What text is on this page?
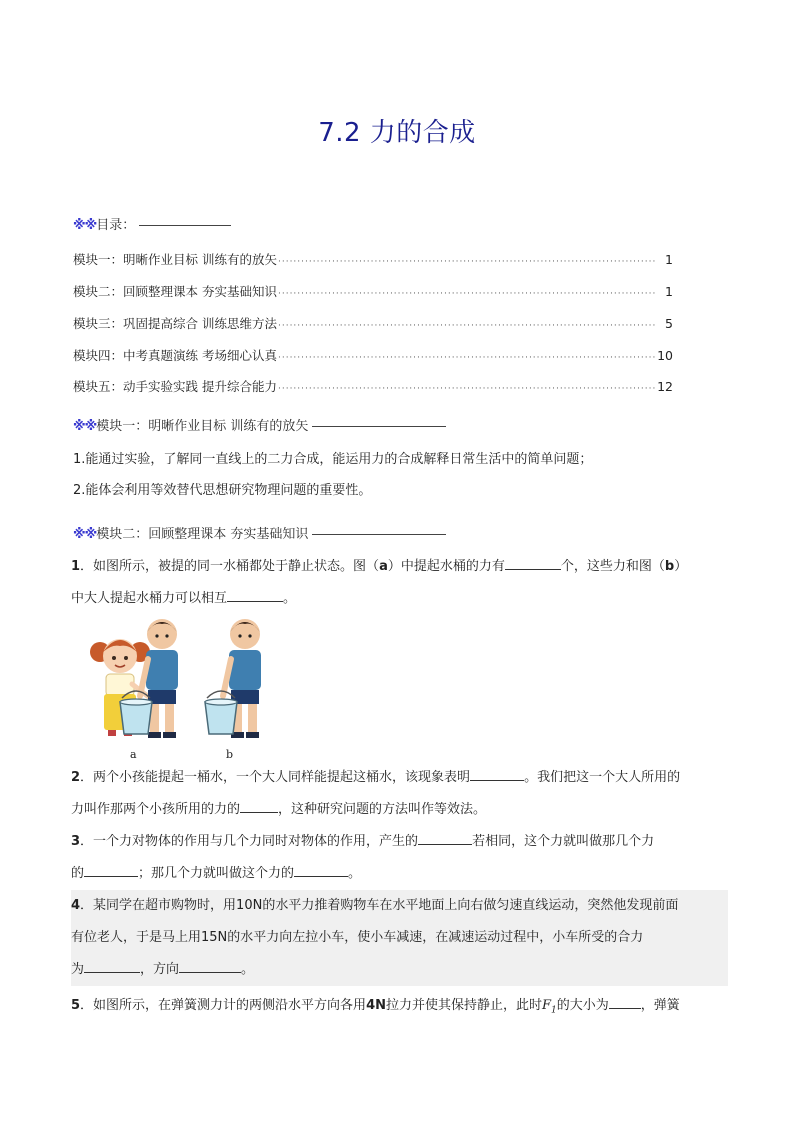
7.2 力的合成
※※目录：
模块一：明晰作业目标 训练有的放矢 ·································································································· 1
模块二：回顾整理课本 夯实基础知识 ·································································································· 1
模块三：巩固提高综合 训练思维方法 ·································································································· 5
模块四：中考真题演练 考场细心认真 ·································································································· 10
模块五：动手实验实践 提升综合能力 ·································································································· 12
※※模块一：明晰作业目标 训练有的放矢
1.能通过实验，了解同一直线上的二力合成，能运用力的合成解释日常生活中的简单问题；
2.能体会利用等效替代思想研究物理问题的重要性。
※※模块二：回顾整理课本 夯实基础知识
1．如图所示，被提的同一水桶都处于静止状态。图（a）中提起水桶的力有	个，这些力和图（b）
中大人提起水桶力可以相互	。
a	b
2．两个小孩能提起一桶水，一个大人同样能提起这桶水，该现象表明	。我们把这一个大人所用的
力叫作那两个小孩所用的力的	，这种研究问题的方法叫作等效法。
3．一个力对物体的作用与几个力同时对物体的作用，产生的	若相同，这个力就叫做那几个力
的	；那几个力就叫做这个力的	。
4．某同学在超市购物时，用10N的水平力推着购物车在水平地面上向右做匀速直线运动，突然他发现前面
有位老人，于是马上用15N的水平力向左拉小车，使小车减速，在减速运动过程中，小车所受的合力
为	，方向	。
5．如图所示，在弹簧测力计的两侧沿水平方向各用4N拉力并使其保持静止，此时$F_1$的大小为 ，弹簧
